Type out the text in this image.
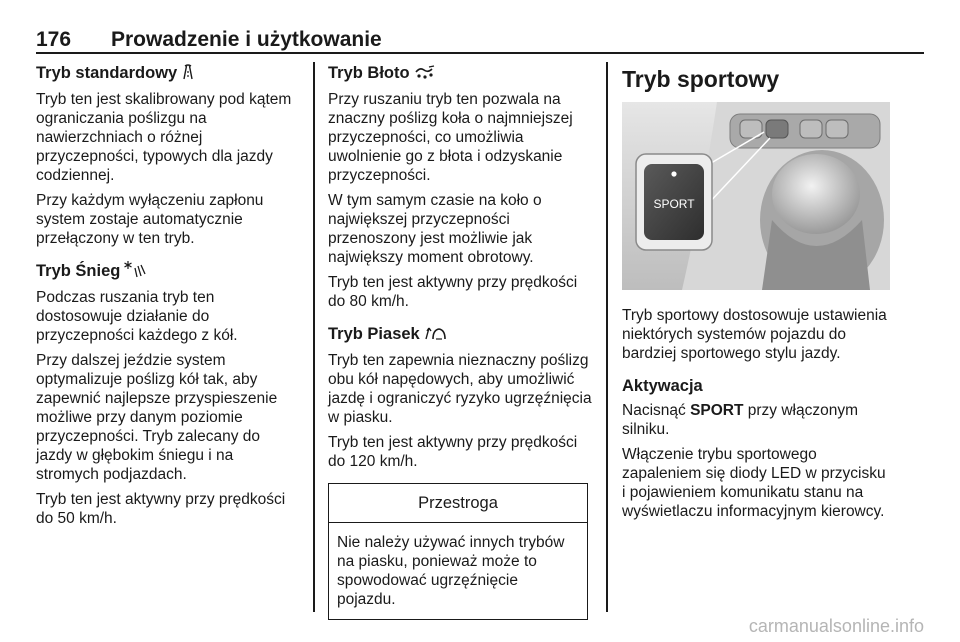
176 Prowadzenie i użytkowanie
Tryb standardowy

Tryb ten jest skalibrowany pod kątem ograniczania poślizgu na nawierzchniach o różnej przyczepności, typowych dla jazdy codziennej.

Przy każdym wyłączeniu zapłonu system zostaje automatycznie przełączony w ten tryb.

Tryb Śnieg

Podczas ruszania tryb ten dostosowuje działanie do przyczepności każdego z kół.

Przy dalszej jeździe system optymalizuje poślizg kół tak, aby zapewnić najlepsze przyspieszenie możliwe przy danym poziomie przyczepności. Tryb zalecany do jazdy w głębokim śniegu i na stromych podjazdach.

Tryb ten jest aktywny przy prędkości do 50 km/h.

Tryb Błoto

Przy ruszaniu tryb ten pozwala na znaczny poślizg koła o najmniejszej przyczepności, co umożliwia uwolnienie go z błota i odzyskanie przyczepności.

W tym samym czasie na koło o największej przyczepności przenoszony jest możliwie jak największy moment obrotowy.

Tryb ten jest aktywny przy prędkości do 80 km/h.

Tryb Piasek

Tryb ten zapewnia nieznaczny poślizg obu kół napędowych, aby umożliwić jazdę i ograniczyć ryzyko ugrzęźnięcia w piasku.

Tryb ten jest aktywny przy prędkości do 120 km/h.

Przestroga
Nie należy używać innych trybów na piasku, ponieważ może to spowodować ugrzęźnięcie pojazdu.
Tryb sportowy
SPORT

Tryb sportowy dostosowuje ustawienia niektórych systemów pojazdu do bardziej sportowego stylu jazdy.

Aktywacja

Nacisnąć SPORT przy włączonym silniku.

Włączenie trybu sportowego zapaleniem się diody LED w przycisku i pojawieniem komunikatu stanu na wyświetlaczu informacyjnym kierowcy.

carmanualsonline.info
